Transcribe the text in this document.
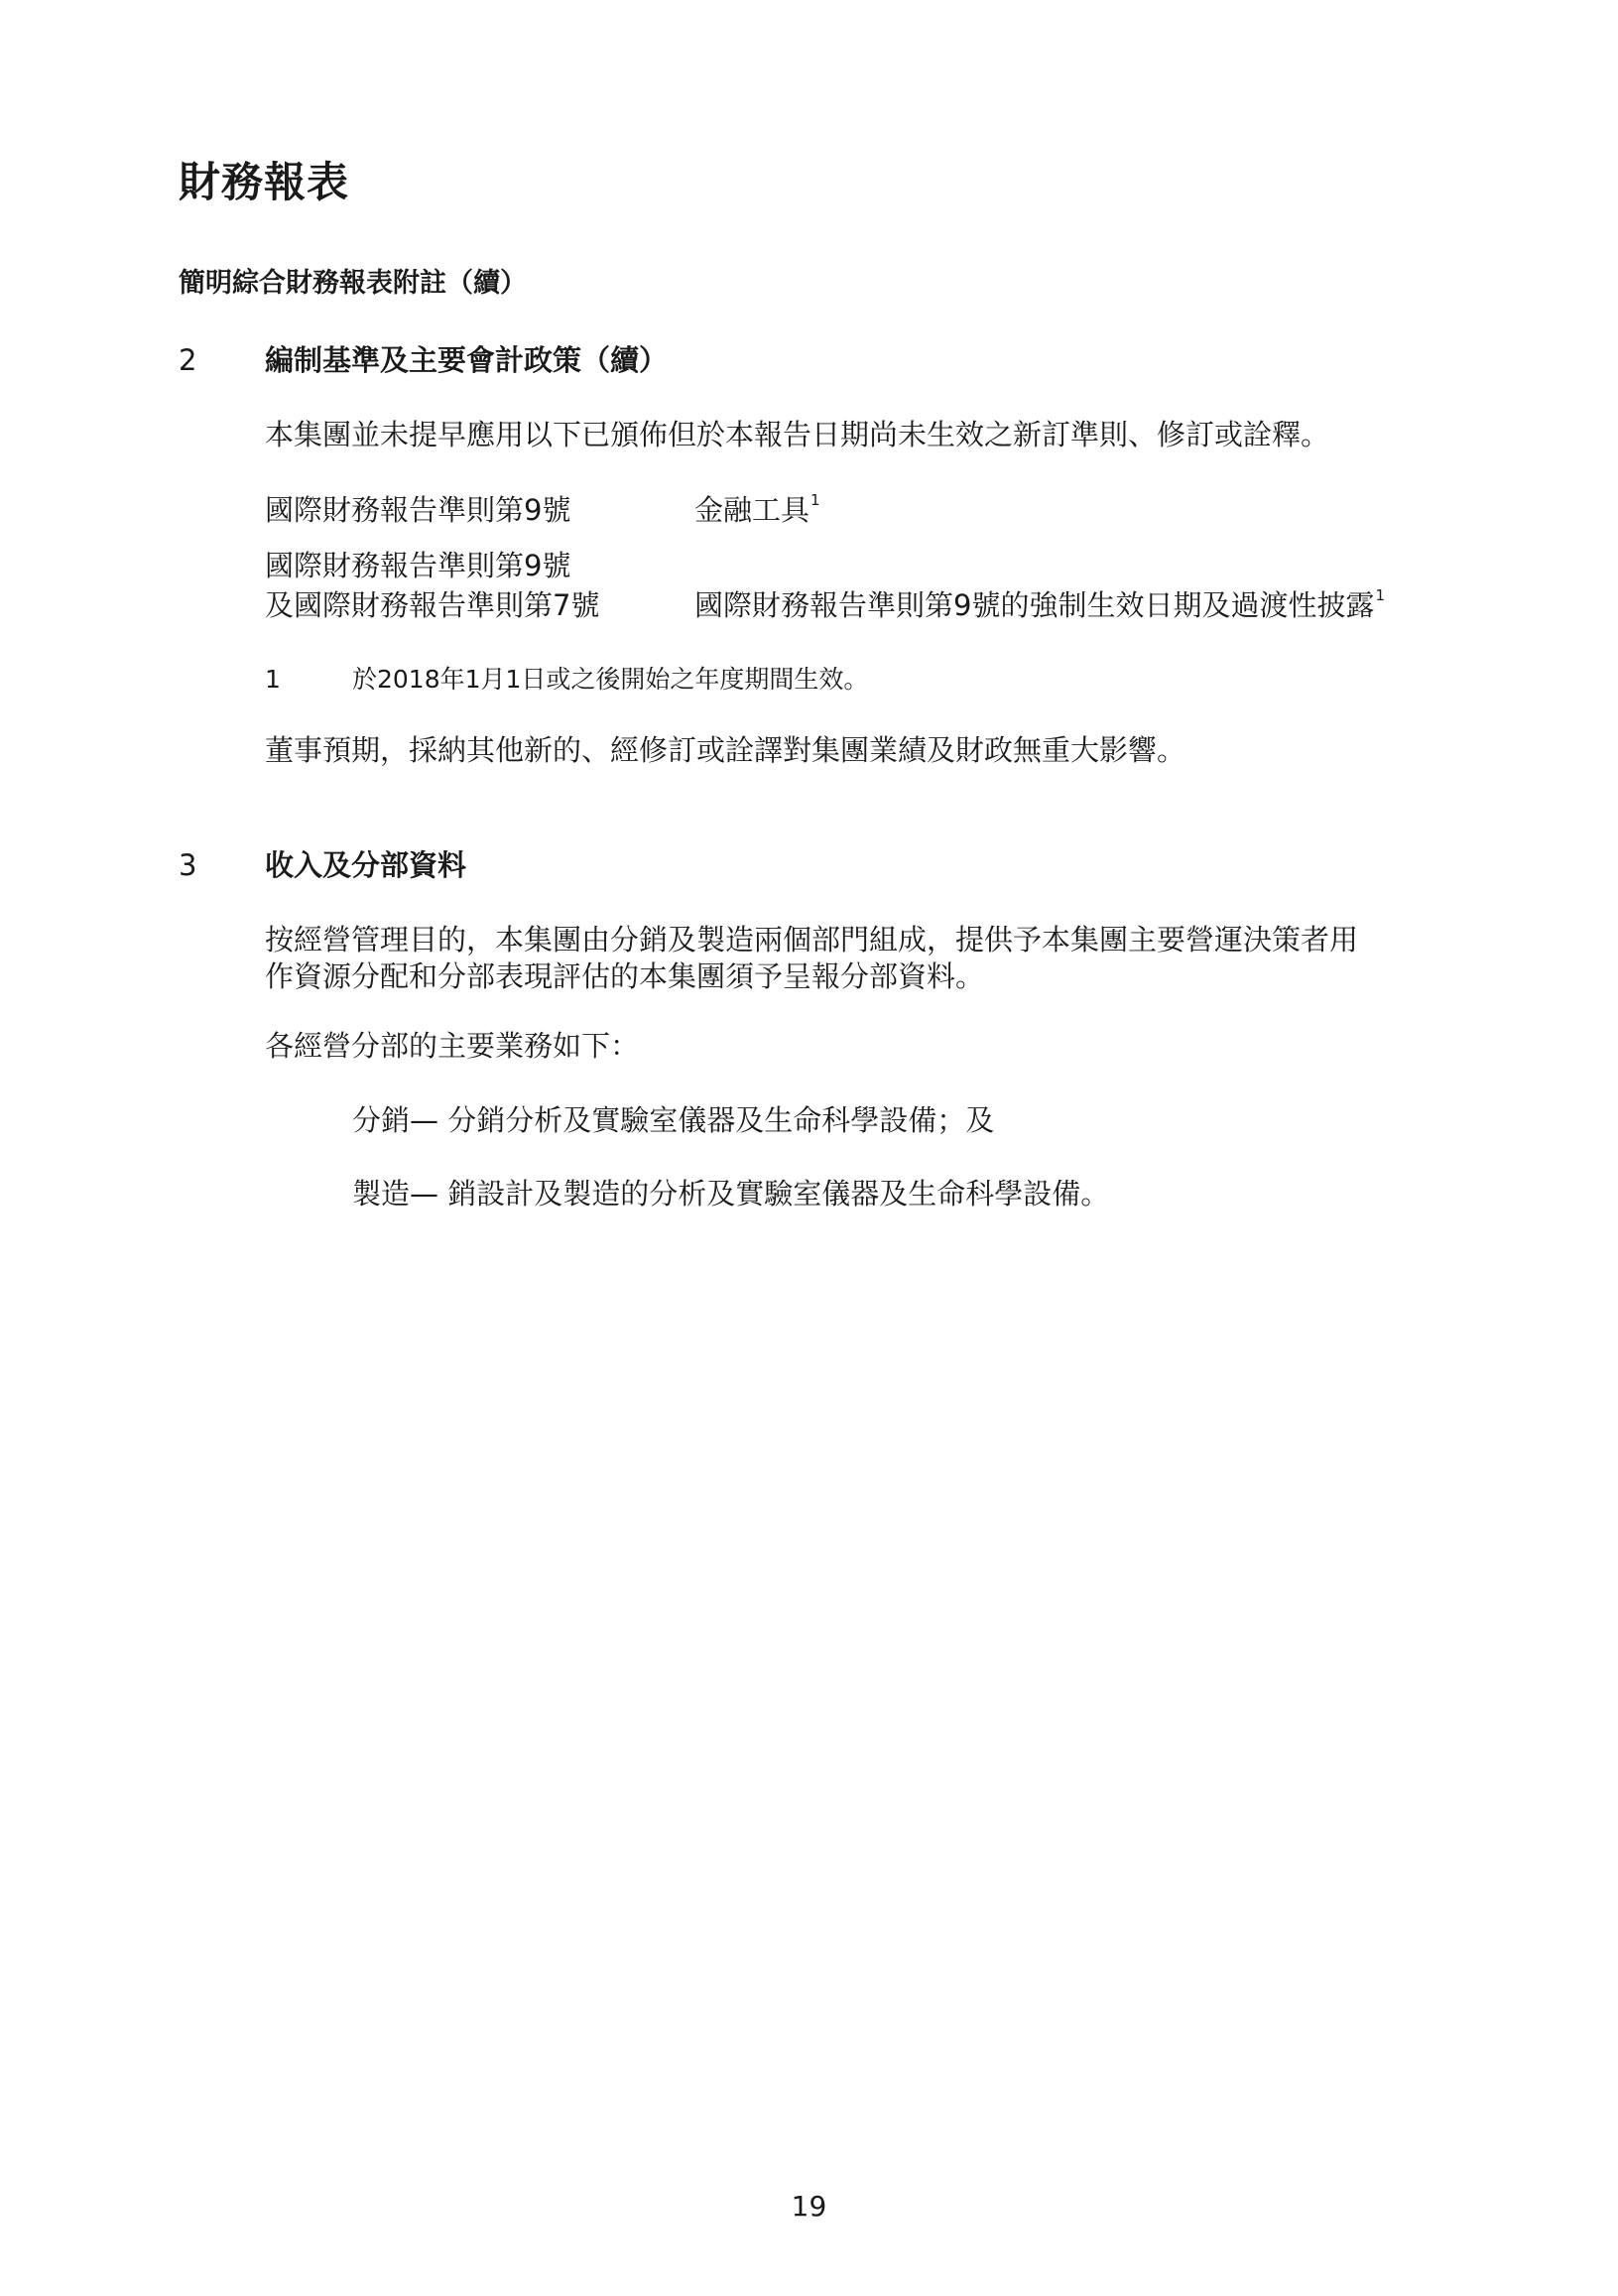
財務報表
簡明綜合財務報表附註（續）
2 編制基準及主要會計政策（續）
本集團並未提早應用以下已頒佈但於本報告日期尚未生效之新訂準則、修訂或詮釋。
國際財務報告準則第9號	金融工具$^1$
國際財務報告準則第9號
及國際財務報告準則第7號	國際財務報告準則第9號的強制生效日期及過渡性披露$^1$
1	於2018年1月1日或之後開始之年度期間生效。
董事預期，採納其他新的、經修訂或詮譯對集團業績及財政無重大影響。
3 收入及分部資料
按經營管理目的，本集團由分銷及製造兩個部門組成，提供予本集團主要營運決策者用
作資源分配和分部表現評估的本集團須予呈報分部資料。
各經營分部的主要業務如下：
分銷— 分銷分析及實驗室儀器及生命科學設備；及
製造— 銷設計及製造的分析及實驗室儀器及生命科學設備。
19
